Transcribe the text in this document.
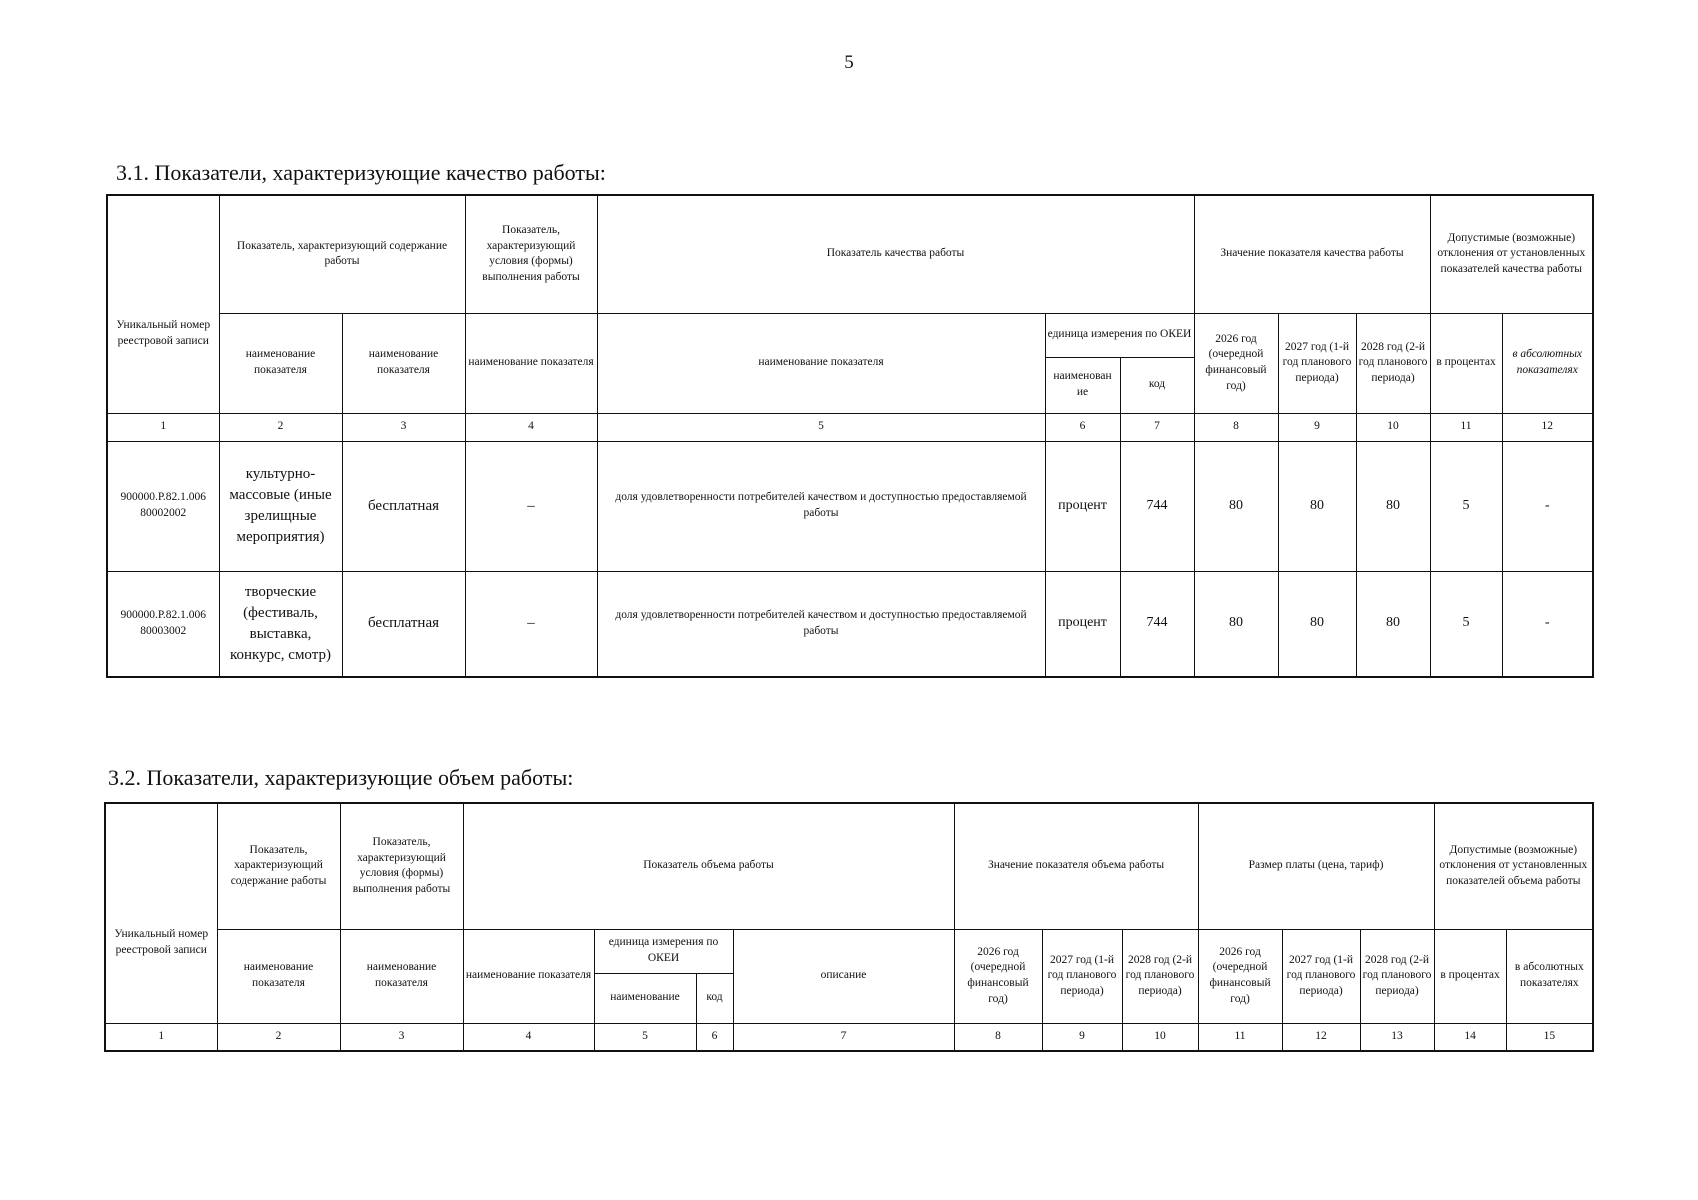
5
3.1. Показатели, характеризующие качество работы:
Уникальный номер реестровой записи	Показатель, характеризующий содержание работы		Показатель, характеризующий условия (формы) выполнения работы	Показатель качества работы			Значение показателя качества работы			Допустимые (возможные) отклонения от установленных показателей качества работы	
	наименование показателя	наименование показателя	наименование показателя	наименование показателя	единица измерения по ОКЕИ		2026 год (очередной финансовый год)	2027 год (1-й год планового периода)	2028 год (2-й год планового периода)	в процентах	в абсолютных показателях
					наименован ие	код					
1	2	3	4	5	6	7	8	9	10	11	12
900000.Р.82.1.006 80002002	культурно-массовые (иные зрелищные мероприятия)	бесплатная	–	доля удовлетворенности потребителей качеством и доступностью предоставляемой работы	процент	744	80	80	80	5	-
900000.Р.82.1.006 80003002	творческие (фестиваль, выставка, конкурс, смотр)	бесплатная	–	доля удовлетворенности потребителей качеством и доступностью предоставляемой работы	процент	744	80	80	80	5	-
3.2. Показатели, характеризующие объем работы:
Уникальный номер реестровой записи	Показатель, характеризующий содержание работы	Показатель, характеризующий условия (формы) выполнения работы	Показатель объема работы				Значение показателя объема работы			Размер платы (цена, тариф)			Допустимые (возможные) отклонения от установленных показателей объема работы	
	наименование показателя	наименование показателя	наименование показателя	единица измерения по ОКЕИ		описание	2026 год (очередной финансовый год)	2027 год (1-й год планового периода)	2028 год (2-й год планового периода)	2026 год (очередной финансовый год)	2027 год (1-й год планового периода)	2028 год (2-й год планового периода)	в процентах	в абсолютных показателях
				наименование	код									
1	2	3	4	5	6	7	8	9	10	11	12	13	14	15
